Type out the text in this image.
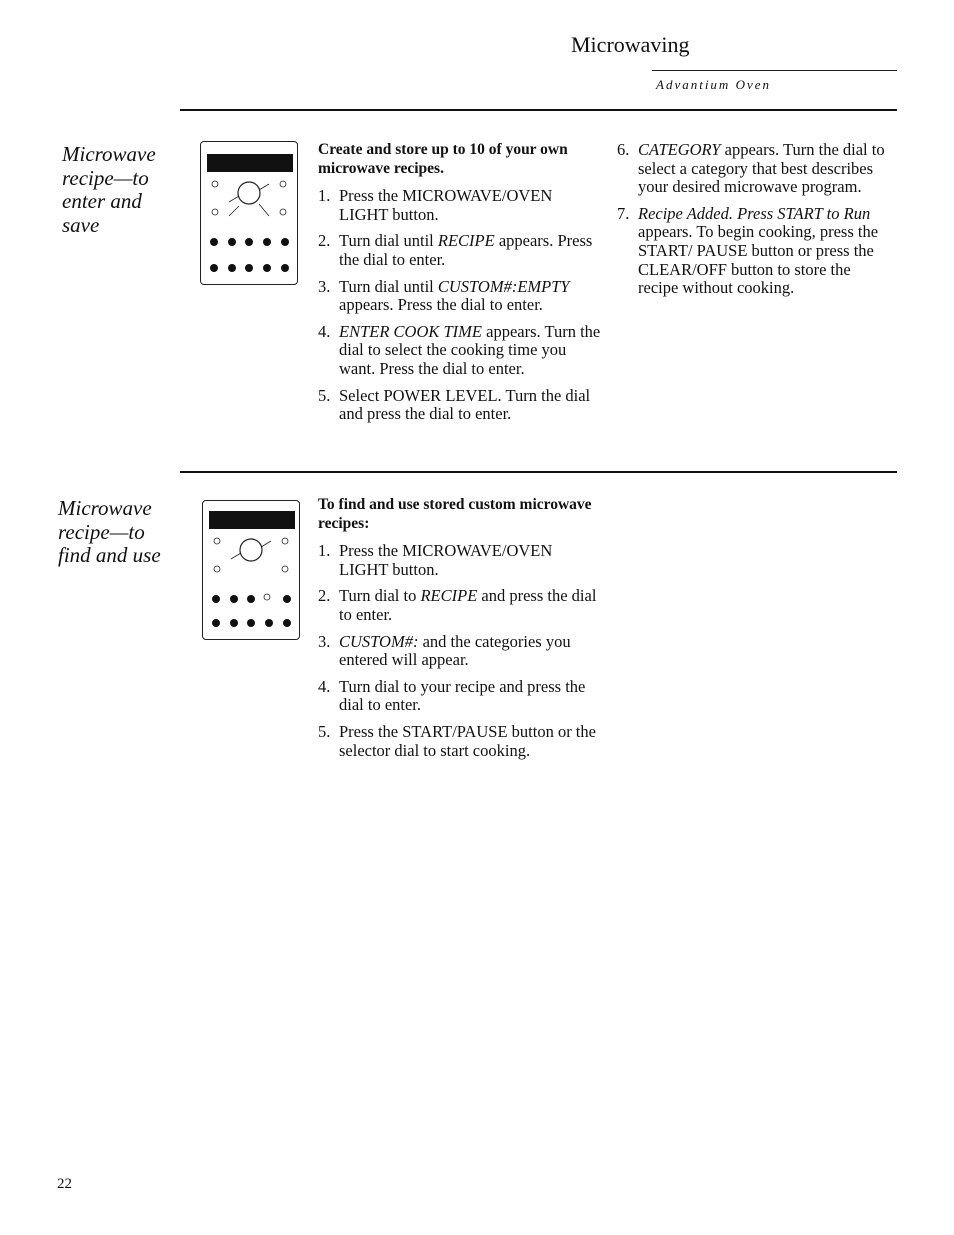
Microwaving
Advantium Oven
Microwave
recipe—to
enter and
save
Create and store up to 10 of your own microwave recipes.
1. Press the MICROWAVE/OVEN LIGHT button.
2. Turn dial until RECIPE appears. Press the dial to enter.
3. Turn dial until CUSTOM#:EMPTY appears. Press the dial to enter.
4. ENTER COOK TIME appears. Turn the dial to select the cooking time you want. Press the dial to enter.
5. Select POWER LEVEL. Turn the dial and press the dial to enter.
6. CATEGORY appears. Turn the dial to select a category that best describes your desired microwave program.
7. Recipe Added. Press START to Run appears. To begin cooking, press the START/ PAUSE button or press the CLEAR/OFF button to store the recipe without cooking.
Microwave
recipe—to
find and use
To find and use stored custom microwave recipes:
1. Press the MICROWAVE/OVEN LIGHT button.
2. Turn dial to RECIPE and press the dial to enter.
3. CUSTOM#: and the categories you entered will appear.
4. Turn dial to your recipe and press the dial to enter.
5. Press the START/PAUSE button or the selector dial to start cooking.
22
